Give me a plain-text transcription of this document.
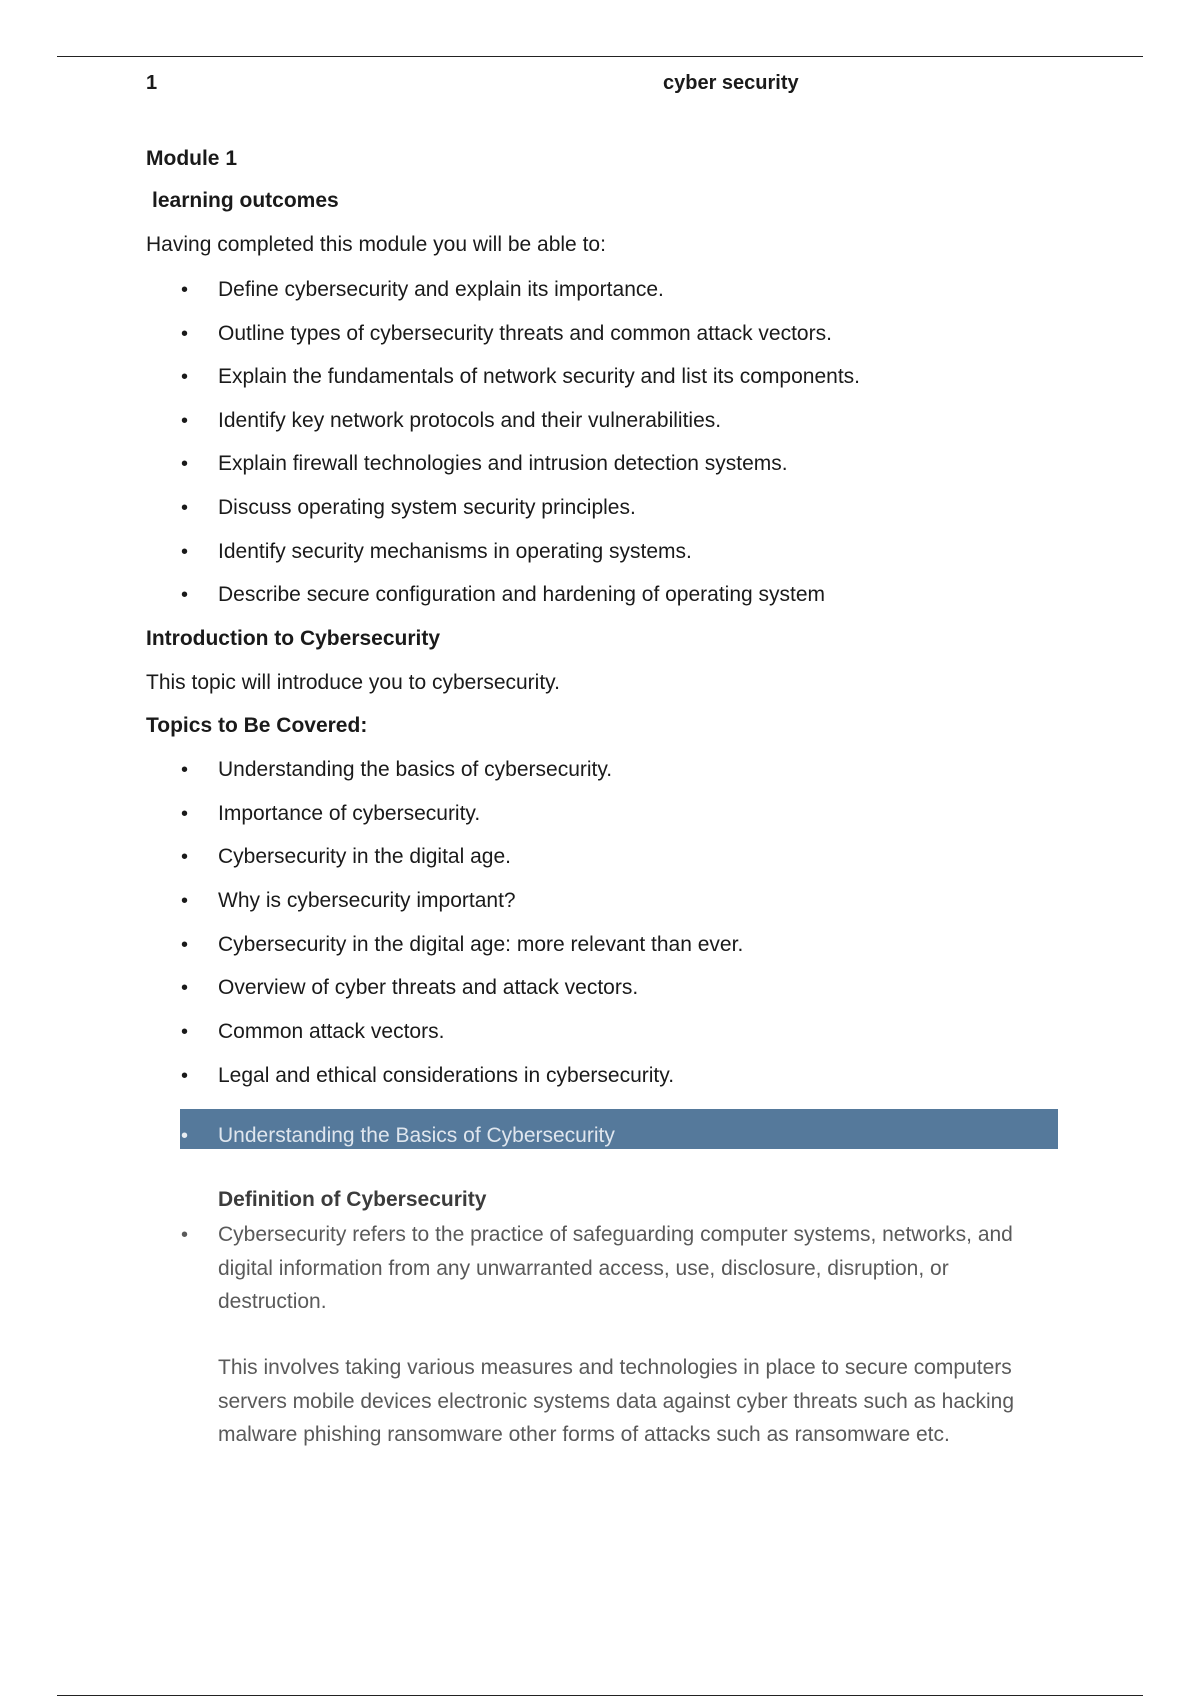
1	cyber security
Module 1
learning outcomes
Having completed this module you will be able to:
• Define cybersecurity and explain its importance.
• Outline types of cybersecurity threats and common attack vectors.
• Explain the fundamentals of network security and list its components.
• Identify key network protocols and their vulnerabilities.
• Explain firewall technologies and intrusion detection systems.
• Discuss operating system security principles.
• Identify security mechanisms in operating systems.
• Describe secure configuration and hardening of operating system
Introduction to Cybersecurity
This topic will introduce you to cybersecurity.
Topics to Be Covered:
• Understanding the basics of cybersecurity.
• Importance of cybersecurity.
• Cybersecurity in the digital age.
• Why is cybersecurity important?
• Cybersecurity in the digital age: more relevant than ever.
• Overview of cyber threats and attack vectors.
• Common attack vectors.
• Legal and ethical considerations in cybersecurity.
• Understanding the Basics of Cybersecurity
Definition of Cybersecurity
• Cybersecurity refers to the practice of safeguarding computer systems, networks, and digital information from any unwarranted access, use, disclosure, disruption, or destruction.
This involves taking various measures and technologies in place to secure computers servers mobile devices electronic systems data against cyber threats such as hacking malware phishing ransomware other forms of attacks such as ransomware etc.
